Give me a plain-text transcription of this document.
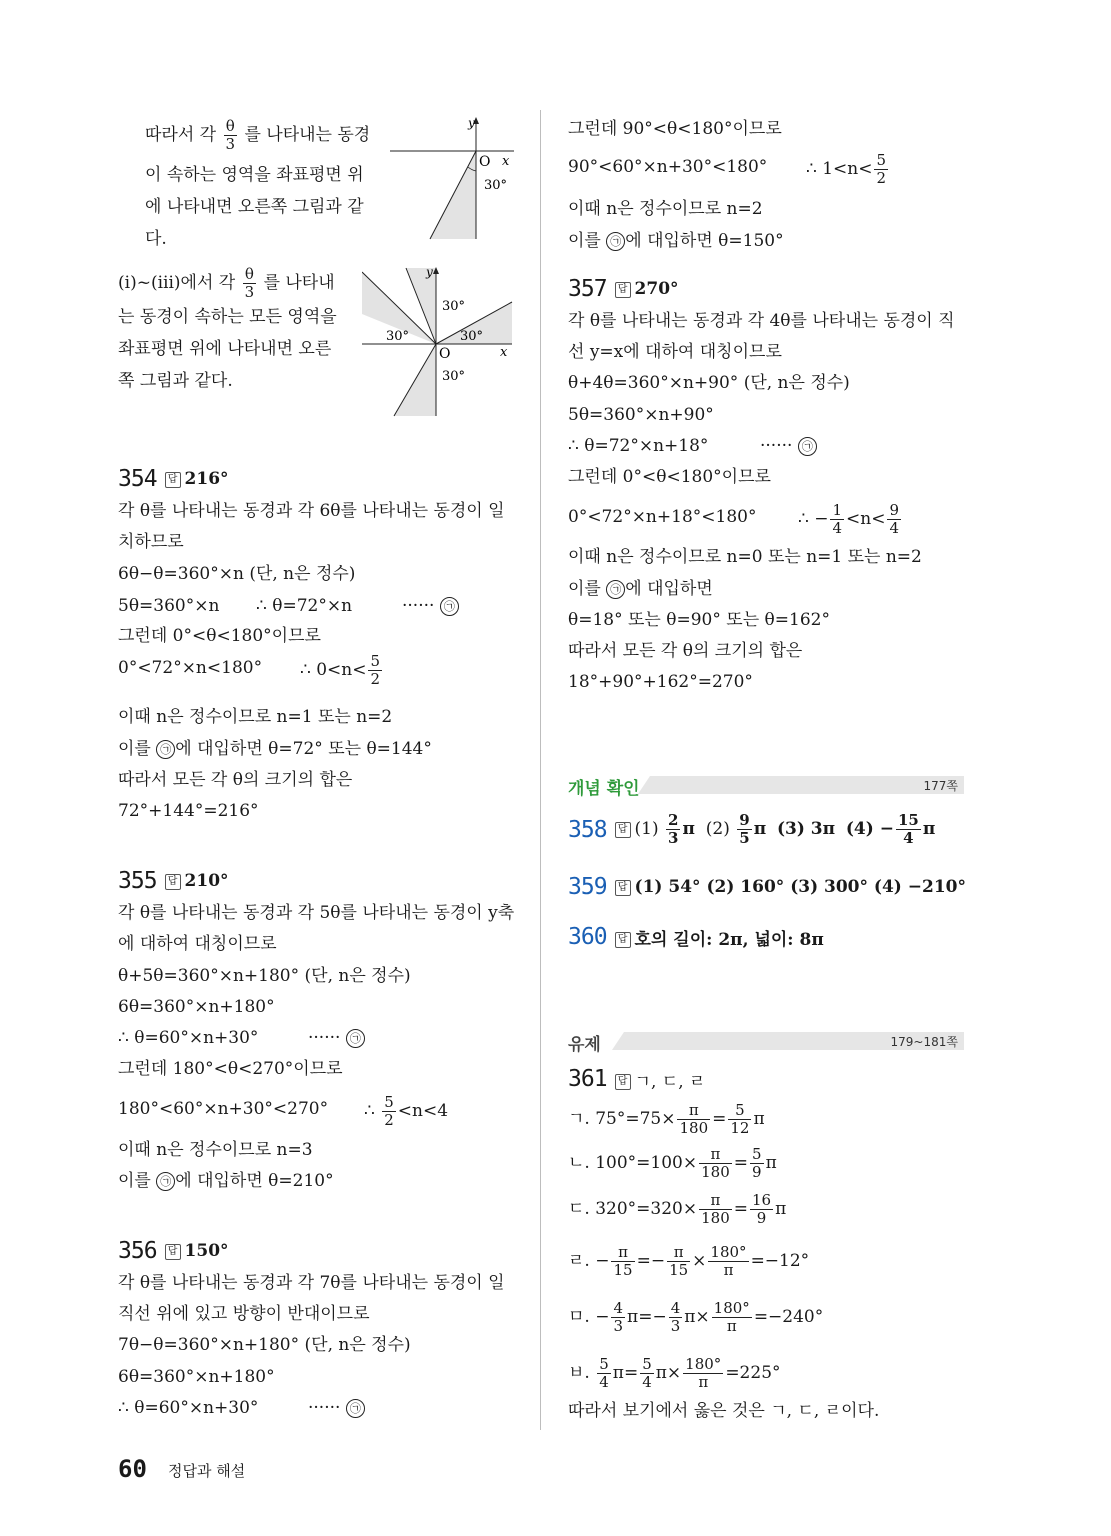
따라서 각 $\frac{\theta}{3}$ 를 나타내는 동경
이 속하는 영역을 좌표평면 위
에 나타내면 오른쪽 그림과 같
다.
y
x
O
30°
(ⅰ)~(ⅲ)에서 각 $\frac{\theta}{3}$ 를 나타내
는 동경이 속하는 모든 영역을
좌표평면 위에 나타내면 오른
쪽 그림과 같다.
y
x
O
30°
30°	30°
30°
354	답 216°
각 θ를 나타내는 동경과 각 6θ를 나타내는 동경이 일
치하므로
6θ−θ=360°×n (단, n은 정수)
5θ=360°×n ∴ θ=72°×n	······ ㉠
그런데 0°<θ<180°이므로
0°<72°×n<180° ∴ $0<n< \frac{5}{2}$
이때 n은 정수이므로 n=1 또는 n=2
이를 ㉠ 에 대입하면 θ=72° 또는 θ=144°
따라서 모든 각 θ의 크기의 합은
72°+144°=216°
355	답 210°
각 θ를 나타내는 동경과 각 5θ를 나타내는 동경이 y축
에 대하여 대칭이므로
θ+5θ=360°×n+180° (단, n은 정수)
6θ=360°×n+180°
∴ θ=60°×n+30°	······ ㉠
그런데 180°<θ<270°이므로
180°<60°×n+30°<270° ∴ $\frac{5}{2} <n<4$
이때 n은 정수이므로 n=3
이를 ㉠ 에 대입하면 θ=210°
356	답 150°
각 θ를 나타내는 동경과 각 7θ를 나타내는 동경이 일
직선 위에 있고 방향이 반대이므로
7θ−θ=360°×n+180° (단, n은 정수)
6θ=360°×n+180°
∴ θ=60°×n+30°	······ ㉠
그런데 90°<θ<180°이므로
90°<60°×n+30°<180° ∴ $1<n< \frac{5}{2}$
이때 n은 정수이므로 n=2
이를 ㉠ 에 대입하면 θ=150°
357	답 270°
각 θ를 나타내는 동경과 각 4θ를 나타내는 동경이 직
선 y=x에 대하여 대칭이므로
θ+4θ=360°×n+90° (단, n은 정수)
5θ=360°×n+90°
∴ θ=72°×n+18°	······ ㉠
그런데 0°<θ<180°이므로
0°<72°×n+18°<180° ∴ − $\frac{1}{4} <n< \frac{9}{4}$
이때 n은 정수이므로 n=0 또는 n=1 또는 n=2
이를 ㉠ 에 대입하면
θ=18° 또는 θ=90° 또는 θ=162°
따라서 모든 각 θ의 크기의 합은
18°+90°+162°=270°
개념 확인	177쪽
358	답 $(1) \frac{2}{3}$ π $(2) \frac{9}{5}$ π (3) 3π $(4) - \frac{15}{4}$ π
359	답 (1) 54° (2) 160° (3) 300° (4) −210°
360	답 호의 길이: 2π, 넓이: 8π
유제	179~181쪽
361	답 ㄱ, ㄷ, ㄹ
ㄱ. $75^\circ=75\times \frac{\pi}{180} = \frac{5}{12}$ π
ㄴ. $100^\circ=100\times \frac{\pi}{180} = \frac{5}{9}$ π
ㄷ. $320^\circ=320\times \frac{\pi}{180} = \frac{16}{9}$ π
ㄹ. − $\frac{\pi}{15} =- \frac{\pi}{15} \times \frac{180^\circ}{\pi} =-12^\circ$
ㅁ. − $\frac{4}{3} \pi=- \frac{4}{3} \pi\times \frac{180^\circ}{\pi} =-240^\circ$
ㅂ. $\frac{5}{4} \pi= \frac{5}{4} \pi\times \frac{180^\circ}{\pi} =225^\circ$
따라서 보기에서 옳은 것은 ㄱ, ㄷ, ㄹ이다.
60 정답과 해설
